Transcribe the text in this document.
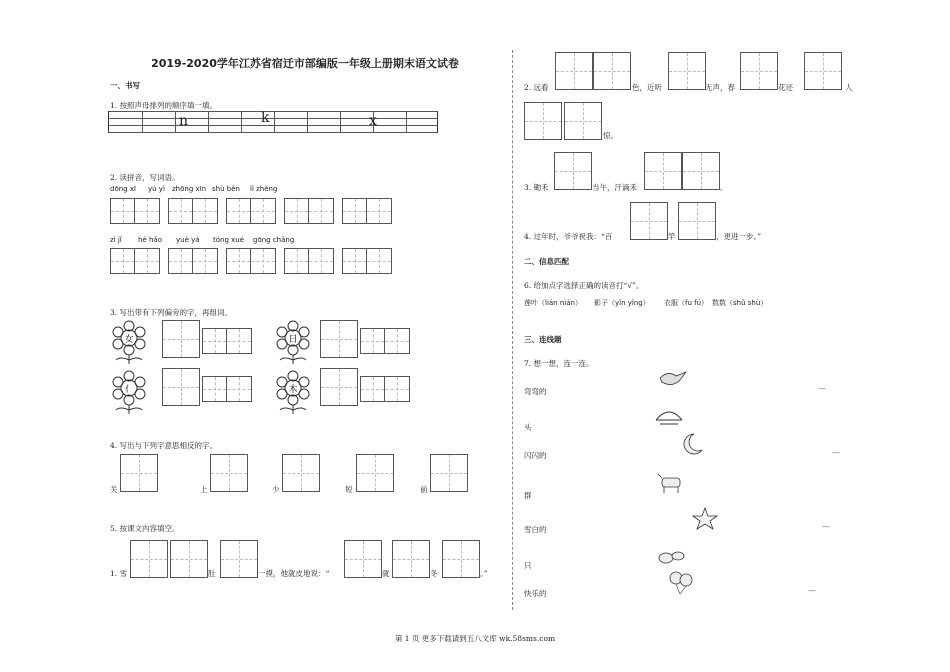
2019-2020学年江苏省宿迁市部编版一年级上册期末语文试卷
一、书写
1. 按照声母排列的顺序填一填。
n	k	x
2. 读拼音，写词语。
dōng xī yú yì zhōng xīn shù běn lì zhèng
zì jǐ hé hǎo yuè yá tóng xué gōng chǎng
3. 写出带有下列偏旁的字，再组词。
女	日
亻	木
4. 写出与下列字意思相反的字。
关	上	少	短	前
5. 按课文内容填空。
1. 雪	肚	一摸，他就皮地说：“	就	冬	。”
2. 远看	色，近听	无声，春	花还	人
惊。
3. 锄禾	当午，汗滴禾	。
4. 过年时，爷爷祝我：“百	竿	，更进一步。”
二、信息匹配
6. 给加点字选择正确的读音打“√”。
莲叶（lián nián） 影子（yǐn yǐng） 衣服（fu fú） 数数（shǔ shù）
三、连线题
7. 想一想，连一连。
弯弯的
头
闪闪的
群
雪白的
只
快乐的
—
—
—
—
第 1 页 更多下载请到五八文库 wk.58sms.com
